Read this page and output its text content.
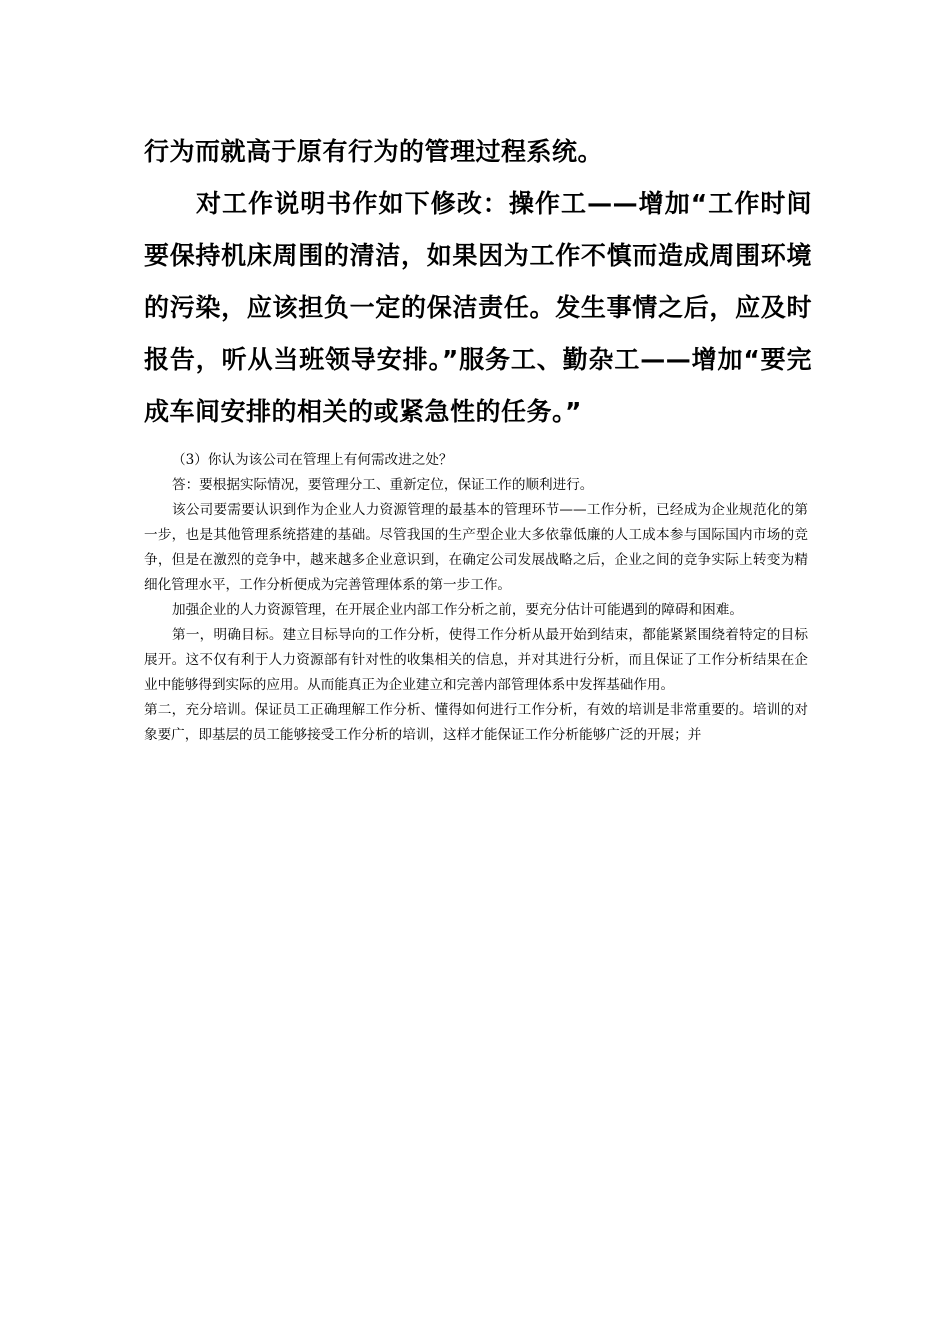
行为而就高于原有行为的管理过程系统。

对工作说明书作如下修改：操作工——增加“工作时间要保持机床周围的清洁，如果因为工作不慎而造成周围环境的污染，应该担负一定的保洁责任。发生事情之后，应及时报告，听从当班领导安排。”服务工、勤杂工——增加“要完成车间安排的相关的或紧急性的任务。”

（3）你认为该公司在管理上有何需改进之处？

答：要根据实际情况，要管理分工、重新定位，保证工作的顺利进行。

该公司要需要认识到作为企业人力资源管理的最基本的管理环节——工作分析，已经成为企业规范化的第一步，也是其他管理系统搭建的基础。尽管我国的生产型企业大多依靠低廉的人工成本参与国际国内市场的竞争，但是在激烈的竞争中，越来越多企业意识到，在确定公司发展战略之后，企业之间的竞争实际上转变为精细化管理水平，工作分析便成为完善管理体系的第一步工作。

加强企业的人力资源管理，在开展企业内部工作分析之前，要充分估计可能遇到的障碍和困难。

第一，明确目标。建立目标导向的工作分析，使得工作分析从最开始到结束，都能紧紧围绕着特定的目标展开。这不仅有利于人力资源部有针对性的收集相关的信息，并对其进行分析，而且保证了工作分析结果在企业中能够得到实际的应用。从而能真正为企业建立和完善内部管理体系中发挥基础作用。

第二，充分培训。保证员工正确理解工作分析、懂得如何进行工作分析，有效的培训是非常重要的。培训的对象要广，即基层的员工能够接受工作分析的培训，这样才能保证工作分析能够广泛的开展；并
